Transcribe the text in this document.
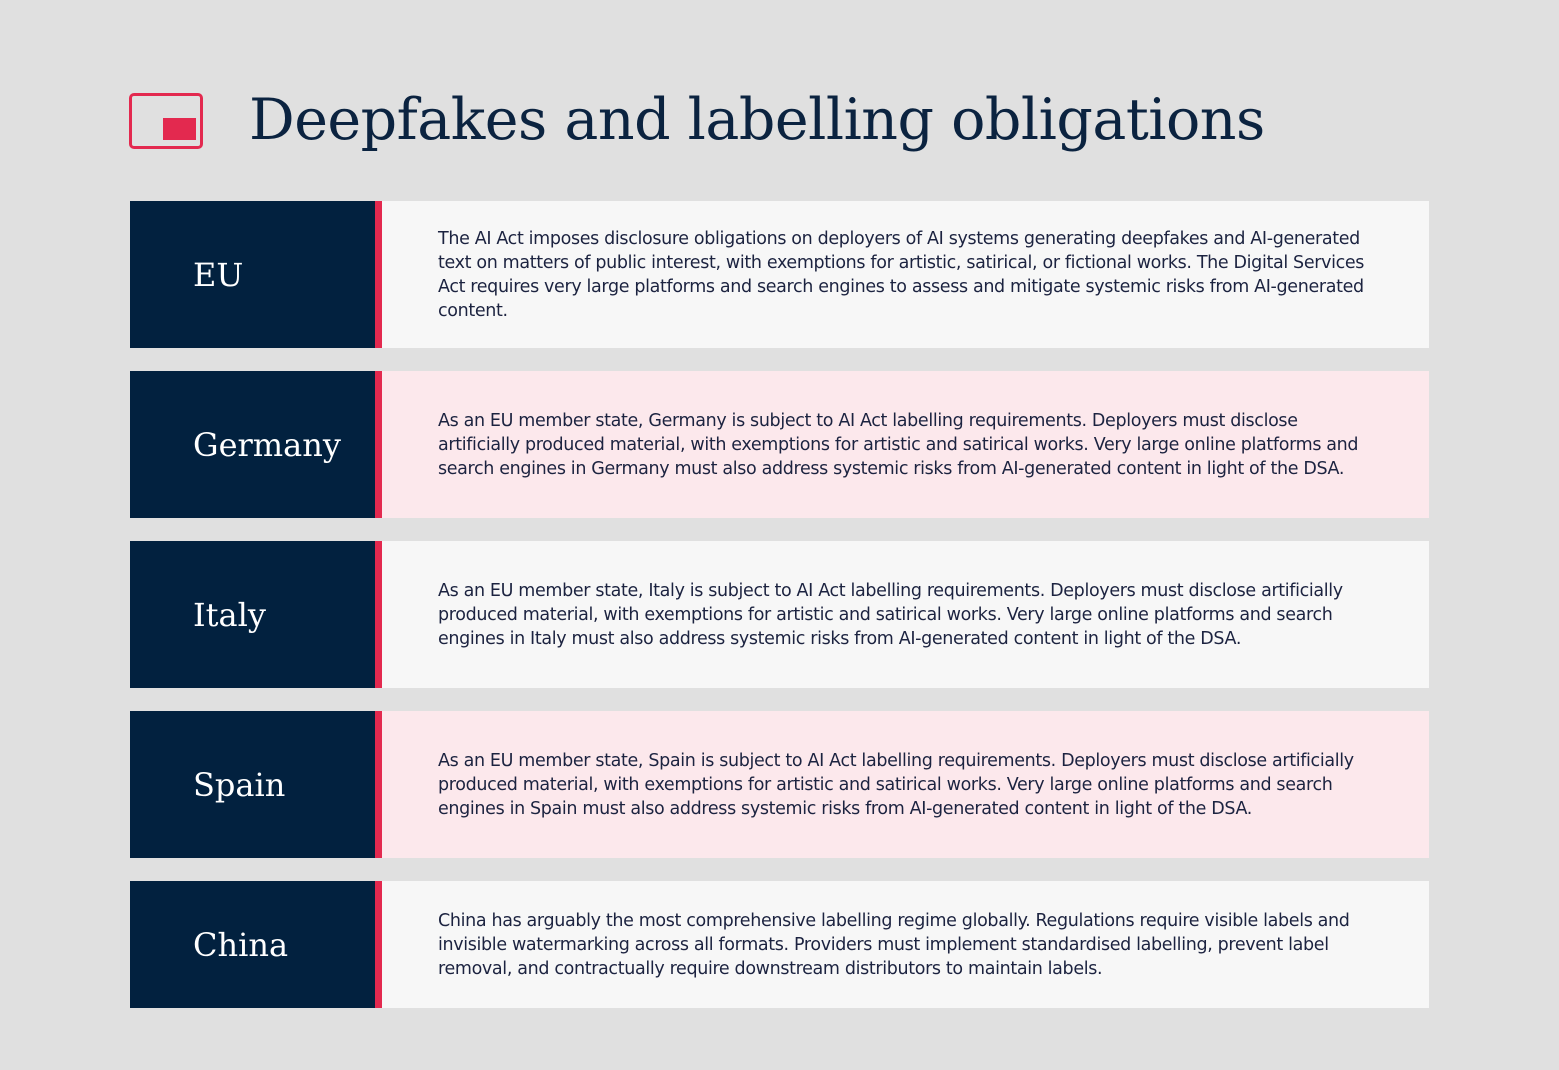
Deepfakes and labelling obligations
EU

The AI Act imposes disclosure obligations on deployers of AI systems generating deepfakes and AI-generated text on matters of public interest, with exemptions for artistic, satirical, or fictional works. The Digital Services Act requires very large platforms and search engines to assess and mitigate systemic risks from AI-generated content.

Germany

As an EU member state, Germany is subject to AI Act labelling requirements. Deployers must disclose artificially produced material, with exemptions for artistic and satirical works. Very large online platforms and search engines in Germany must also address systemic risks from AI-generated content in light of the DSA.

Italy

As an EU member state, Italy is subject to AI Act labelling requirements. Deployers must disclose artificially produced material, with exemptions for artistic and satirical works. Very large online platforms and search engines in Italy must also address systemic risks from AI-generated content in light of the DSA.

Spain

As an EU member state, Spain is subject to AI Act labelling requirements. Deployers must disclose artificially produced material, with exemptions for artistic and satirical works. Very large online platforms and search engines in Spain must also address systemic risks from AI-generated content in light of the DSA.

China

China has arguably the most comprehensive labelling regime globally. Regulations require visible labels and invisible watermarking across all formats. Providers must implement standardised labelling, prevent label removal, and contractually require downstream distributors to maintain labels.
